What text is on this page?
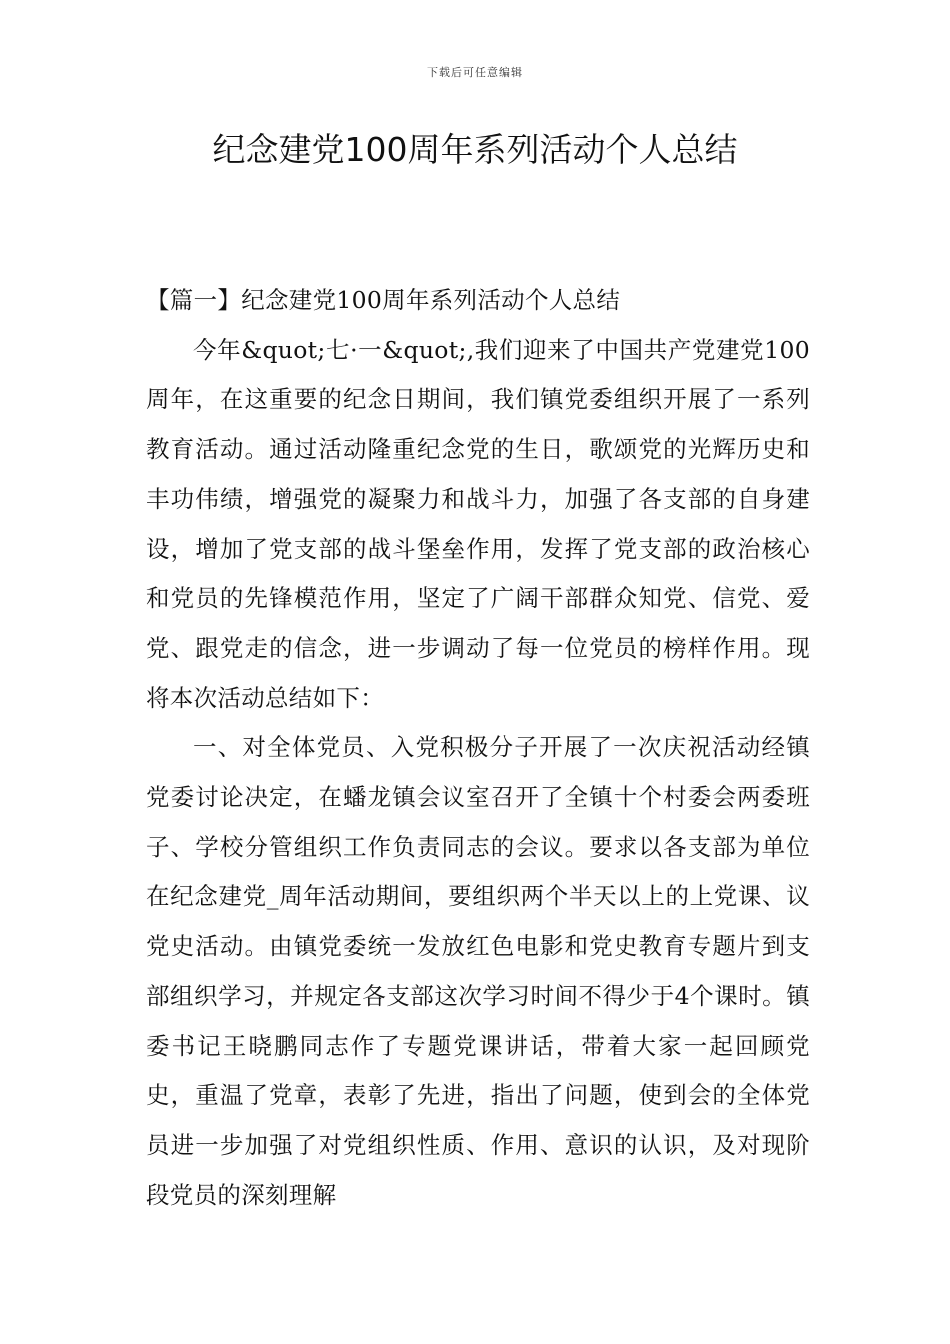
下载后可任意编辑
纪念建党100周年系列活动个人总结

【篇一】纪念建党100周年系列活动个人总结

今年&quot;七·一&quot;,我们迎来了中国共产党建党100周年，在这重要的纪念日期间，我们镇党委组织开展了一系列教育活动。通过活动隆重纪念党的生日，歌颂党的光辉历史和丰功伟绩，增强党的凝聚力和战斗力，加强了各支部的自身建设，增加了党支部的战斗堡垒作用，发挥了党支部的政治核心和党员的先锋模范作用，坚定了广阔干部群众知党、信党、爱党、跟党走的信念，进一步调动了每一位党员的榜样作用。现将本次活动总结如下：

一、对全体党员、入党积极分子开展了一次庆祝活动经镇党委讨论决定，在蟠龙镇会议室召开了全镇十个村委会两委班子、学校分管组织工作负责同志的会议。要求以各支部为单位在纪念建党_周年活动期间，要组织两个半天以上的上党课、议党史活动。由镇党委统一发放红色电影和党史教育专题片到支部组织学习，并规定各支部这次学习时间不得少于4个课时。镇委书记王晓鹏同志作了专题党课讲话，带着大家一起回顾党史，重温了党章，表彰了先进，指出了问题，使到会的全体党员进一步加强了对党组织性质、作用、意识的认识，及对现阶段党员的深刻理解
